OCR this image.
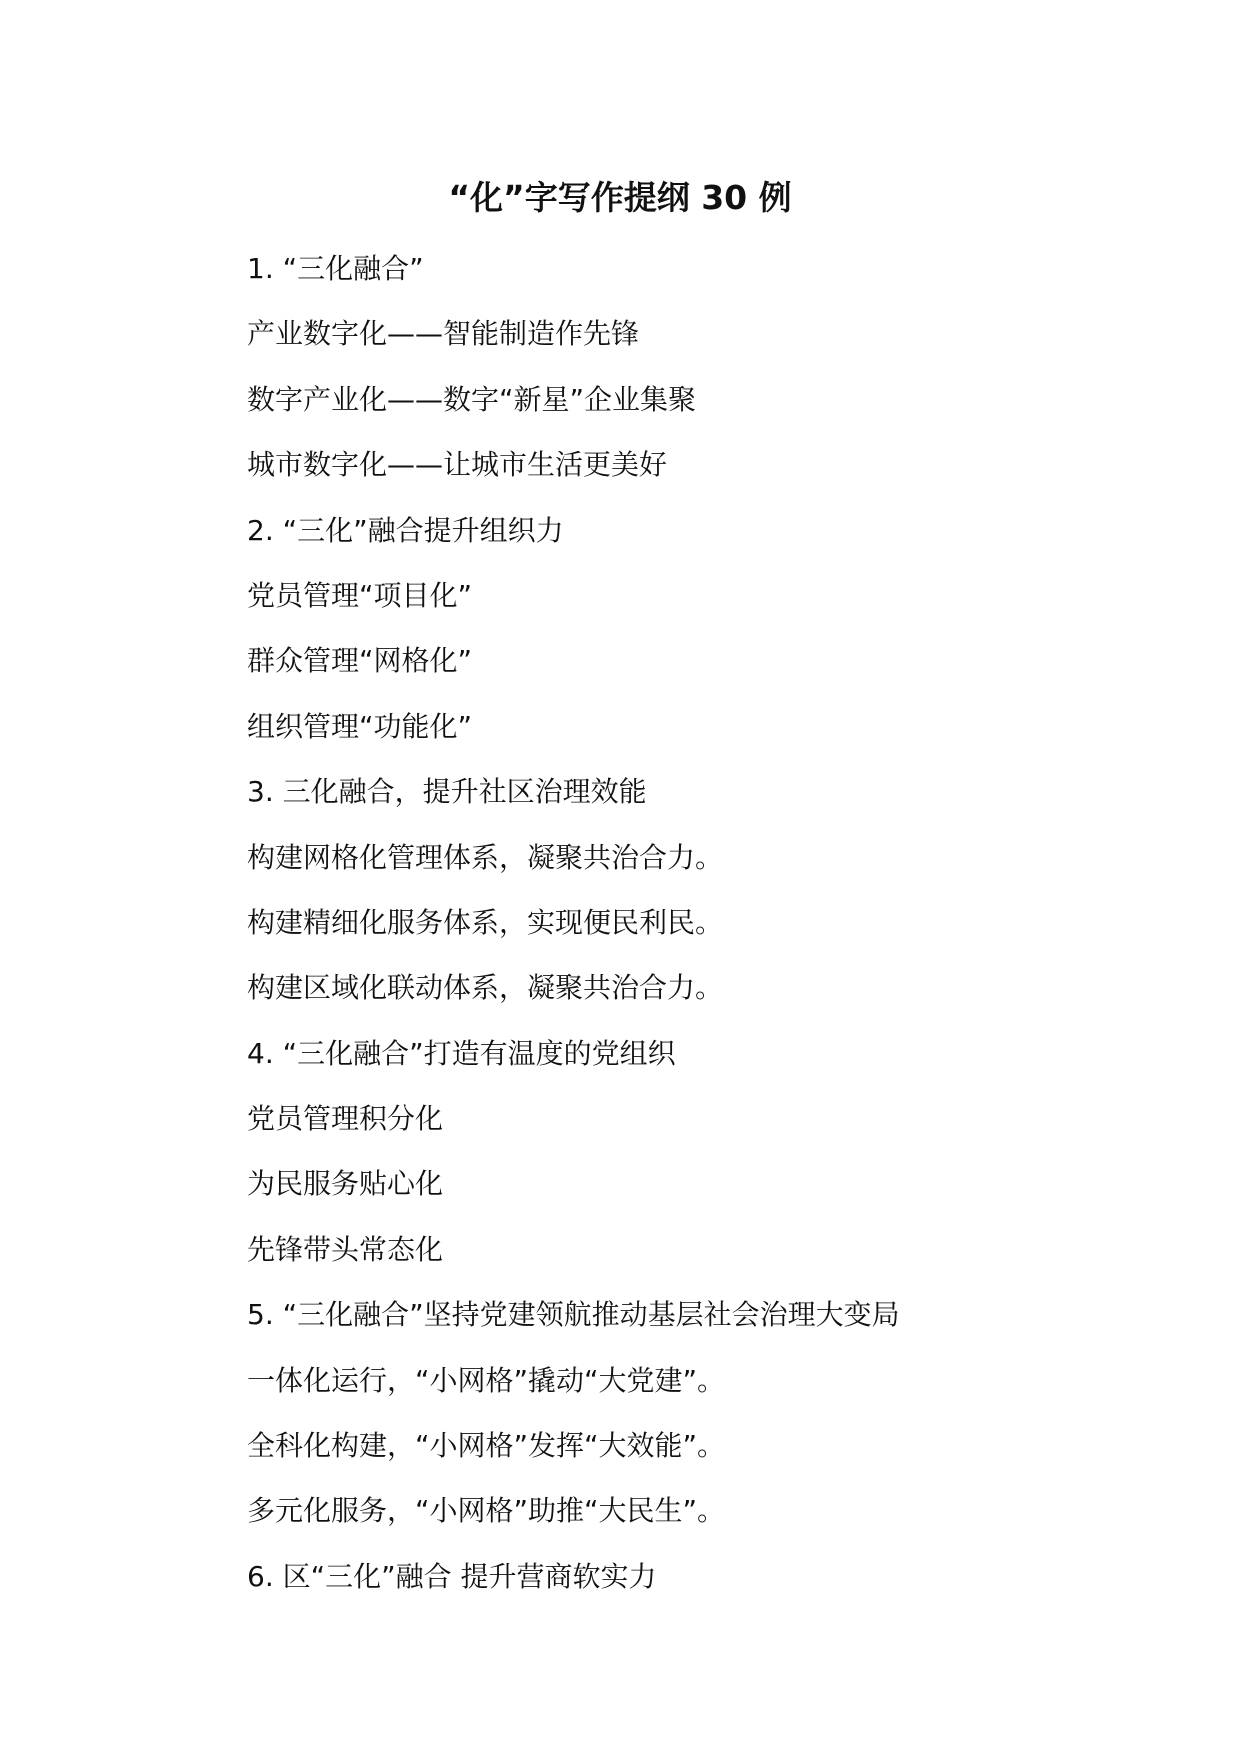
“化”字写作提纲 30 例
1. “三化融合”
产业数字化——智能制造作先锋
数字产业化——数字“新星”企业集聚
城市数字化——让城市生活更美好
2. “三化”融合提升组织力
党员管理“项目化”
群众管理“网格化”
组织管理“功能化”
3. 三化融合，提升社区治理效能
构建网格化管理体系，凝聚共治合力。
构建精细化服务体系，实现便民利民。
构建区域化联动体系，凝聚共治合力。
4. “三化融合”打造有温度的党组织
党员管理积分化
为民服务贴心化
先锋带头常态化
5. “三化融合”坚持党建领航推动基层社会治理大变局
一体化运行，“小网格”撬动“大党建”。
全科化构建，“小网格”发挥“大效能”。
多元化服务，“小网格”助推“大民生”。
6. 区“三化”融合 提升营商软实力
